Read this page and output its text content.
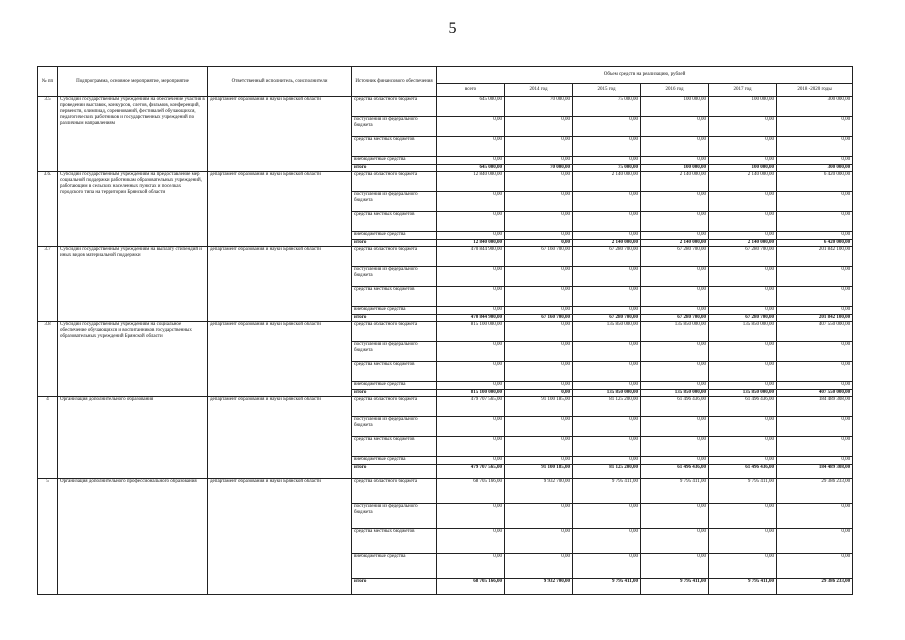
5
№ пп	Подпрограмма, основное мероприятие, мероприятие	Ответственный исполнитель, соисполнители	Источник финансового обеспечения	Объем средств на реализацию, рублей					
				всего	2014 год	2015 год	2016 год	2017 год	2018 -2020 годы
3.5	Субсидии государственным учреждениям на обеспечение участия в проведении выставок, конкурсов, слетов, фильмов, конференций, первенств, олимпиад, соревнований, фестивалей обучающихся, педагогических работников и государственных учреждений по различным направлениям	департамент образования и науки Брянской области	средства областного бюджета	645 000,00	70 000,00	75 000,00	100 000,00	100 000,00	300 000,00
			поступления из федерального бюджета	0,00	0,00	0,00	0,00	0,00	0,00
			средства местных бюджетов	0,00	0,00	0,00	0,00	0,00	0,00
			внебюджетные средства	0,00	0,00	0,00	0,00	0,00	0,00
			итого	645 000,00	70 000,00	75 000,00	100 000,00	100 000,00	300 000,00
3.6.	Субсидии государственным учреждениям на предоставление мер социальной поддержки работникам образовательных учреждений, работающим в сельских населенных пунктах и поселках городского типа на территории Брянской области	департамент образования и науки Брянской области	средства областного бюджета	12 840 000,00	0,00	2 140 000,00	2 140 000,00	2 140 000,00	6 420 000,00
			поступления из федерального бюджета	0,00	0,00	0,00	0,00	0,00	0,00
			средства местных бюджетов	0,00	0,00	0,00	0,00	0,00	0,00
			внебюджетные средства	0,00	0,00	0,00	0,00	0,00	0,00
			итого	12 840 000,00	0,00	2 140 000,00	2 140 000,00	2 140 000,00	6 420 000,00
3.7	Субсидии государственным учреждениям на выплату стипендий и иных видов материальной поддержки	департамент образования и науки Брянской области	средства областного бюджета	470 844 900,00	67 160 700,00	67 280 700,00	67 280 700,00	67 280 700,00	201 842 100,00
			поступления из федерального бюджета	0,00	0,00	0,00	0,00	0,00	0,00
			средства местных бюджетов	0,00	0,00	0,00	0,00	0,00	0,00
			внебюджетные средства	0,00	0,00	0,00	0,00	0,00	0,00
			итого	470 844 900,00	67 160 700,00	67 280 700,00	67 280 700,00	67 280 700,00	201 842 100,00
3.8	Субсидии государственным учреждениям на социальное обеспечение обучающихся и воспитанников государственных образовательных учреждений Брянской области	департамент образования и науки Брянской области	средства областного бюджета	815 100 000,00	0,00	135 850 000,00	135 850 000,00	135 850 000,00	407 550 000,00
			поступления из федерального бюджета	0,00	0,00	0,00	0,00	0,00	0,00
			средства местных бюджетов	0,00	0,00	0,00	0,00	0,00	0,00
			внебюджетные средства	0,00	0,00	0,00	0,00	0,00	0,00
			итого	815 100 000,00	0,00	135 850 000,00	135 850 000,00	135 850 000,00	407 550 000,00
4	Организация дополнительного образования	департамент образования и науки Брянской области	средства областного бюджета	479 707 565,00	91 100 185,00	81 125 200,00	61 496 436,00	61 496 436,00	184 489 308,00
			поступления из федерального бюджета	0,00	0,00	0,00	0,00	0,00	0,00
			средства местных бюджетов	0,00	0,00	0,00	0,00	0,00	0,00
			внебюджетные средства	0,00	0,00	0,00	0,00	0,00	0,00
			итого	479 707 565,00	91 100 185,00	81 125 200,00	61 496 436,00	61 496 436,00	184 489 308,00
5	Организация дополнительного профессионального образования	департамент образования и науки Брянской области	средства областного бюджета	68 705 166,00	9 932 700,00	9 795 411,00	9 795 411,00	9 795 411,00	29 386 233,00
			поступления из федерального бюджета	0,00	0,00	0,00	0,00	0,00	0,00
			средства местных бюджетов	0,00	0,00	0,00	0,00	0,00	0,00
			внебюджетные средства	0,00	0,00	0,00	0,00	0,00	0,00
			итого	68 705 166,00	9 932 700,00	9 795 411,00	9 795 411,00	9 795 411,00	29 386 233,00
